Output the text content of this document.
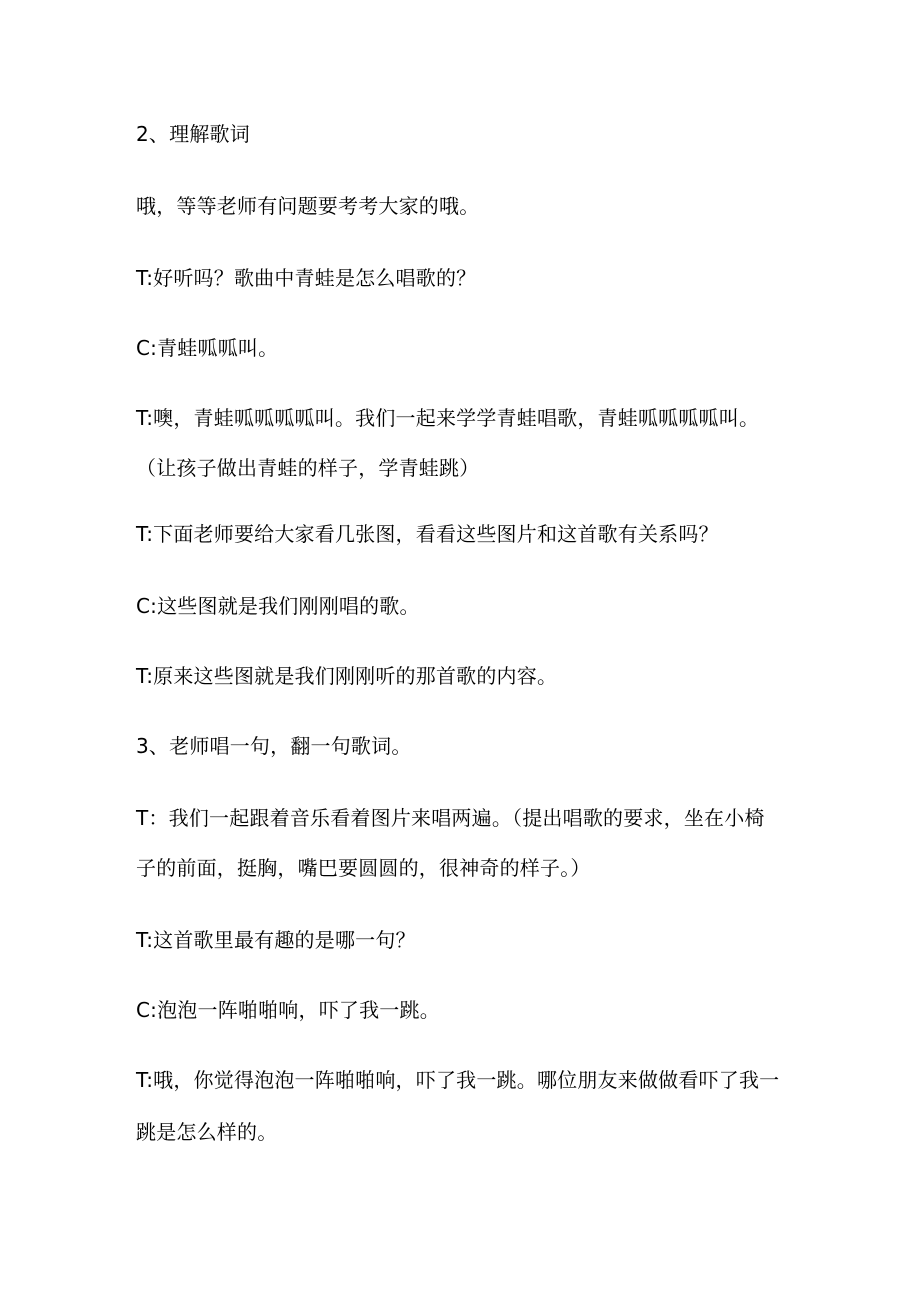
2、理解歌词
哦，等等老师有问题要考考大家的哦。
T:好听吗？歌曲中青蛙是怎么唱歌的？
C:青蛙呱呱叫。
T:噢，青蛙呱呱呱呱叫。我们一起来学学青蛙唱歌，青蛙呱呱呱呱叫。
（让孩子做出青蛙的样子，学青蛙跳）
T:下面老师要给大家看几张图，看看这些图片和这首歌有关系吗？
C:这些图就是我们刚刚唱的歌。
T:原来这些图就是我们刚刚听的那首歌的内容。
3、老师唱一句，翻一句歌词。
T：我们一起跟着音乐看着图片来唱两遍。（提出唱歌的要求，坐在小椅
子的前面，挺胸，嘴巴要圆圆的，很神奇的样子。）
T:这首歌里最有趣的是哪一句？
C:泡泡一阵啪啪响，吓了我一跳。
T:哦，你觉得泡泡一阵啪啪响，吓了我一跳。哪位朋友来做做看吓了我一
跳是怎么样的。
